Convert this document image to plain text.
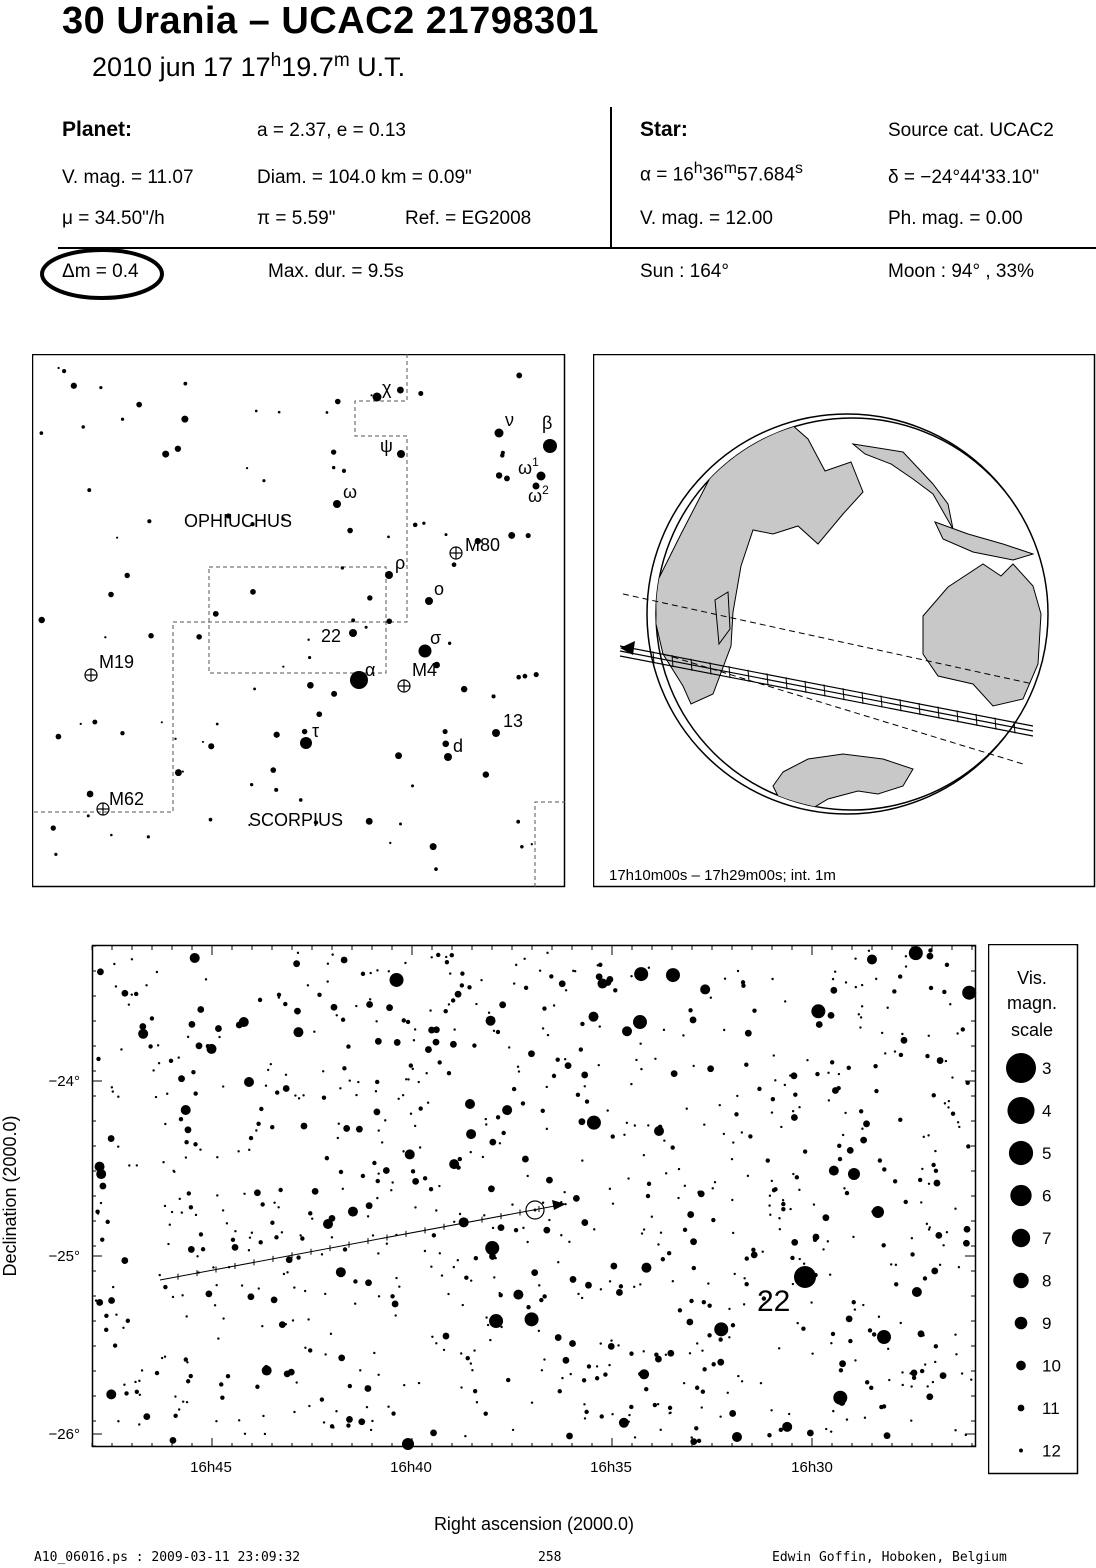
30 Urania – UCAC2 21798301
2010 jun 17 17$^h$19.7$^m$ U.T.
Planet:	a = 2.37, e = 0.13
V. mag. = 11.07	Diam. = 104.0 km = 0.09"
μ = 34.50"/h	π = 5.59"	Ref. = EG2008
Star:	Source cat. UCAC2
$\alpha = 16^h36^m57.684^s$	δ = −24°44'33.10"
V. mag. = 12.00	Ph. mag. = 0.00
Δm = 0.4	Max. dur. = 9.5s	Sun : 164°	Moon : 94° , 33%
OPHIUCHUS
SCORPIUS
χ
ν β
ψ
ω
$\omega^1$
$\omega^2$
ρ
ο
σ
α
τ
d
13
22
M80
M19	M4
M62
17h10m00s – 17h29m00s; int. 1m
22
16h45	16h40	16h35	16h30
−24°
−25°
−26°
Right ascension (2000.0)
Declination (2000.0)
Vis.
magn.
scale
3
4
5
6
7
8
9
10
11
12
A10_06016.ps : 2009-03-11 23:09:32	258	Edwin Goffin, Hoboken, Belgium
